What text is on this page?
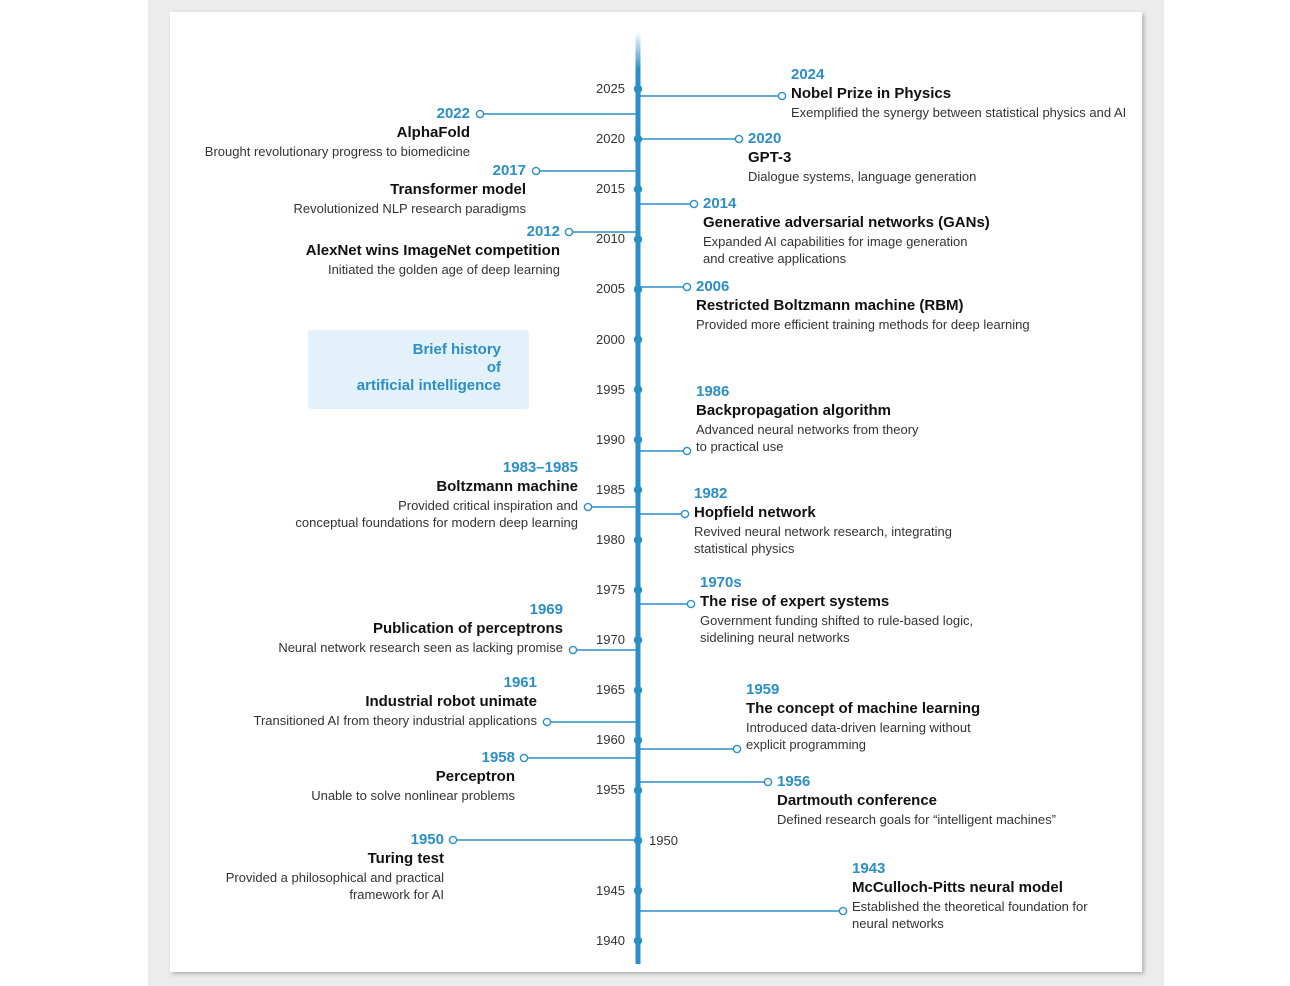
Brief history
of
artificial intelligence
2025
2020
2015
2010
2005
2000
1995
1990
1985
1980
1975
1970
1965
1960
1955
1950
1945
1940
2024
Nobel Prize in Physics
Exemplified the synergy between statistical physics and AI
2022
AlphaFold
Brought revolutionary progress to biomedicine
2020
GPT-3
Dialogue systems, language generation
2017
Transformer model
Revolutionized NLP research paradigms	2014
Generative adversarial networks (GANs)
Expanded AI capabilities for image generation
and creative applications
2012
AlexNet wins ImageNet competition
Initiated the golden age of deep learning
2006
Restricted Boltzmann machine (RBM)
Provided more efficient training methods for deep learning
1986
Backpropagation algorithm
Advanced neural networks from theory
to practical use
1983–1985
Boltzmann machine
Provided critical inspiration and
conceptual foundations for modern deep learning
1982
Hopfield network
Revived neural network research, integrating
statistical physics
1970s
The rise of expert systems
Government funding shifted to rule-based logic,
sidelining neural networks
1969
Publication of perceptrons
Neural network research seen as lacking promise
1961
Industrial robot unimate
Transitioned AI from theory industrial applications
1959
The concept of machine learning
Introduced data-driven learning without
explicit programming
1958
Perceptron
Unable to solve nonlinear problems
1956
Dartmouth conference
Defined research goals for “intelligent machines”
1950
Turing test
Provided a philosophical and practical
framework for AI
1943
McCulloch-Pitts neural model
Established the theoretical foundation for
neural networks
